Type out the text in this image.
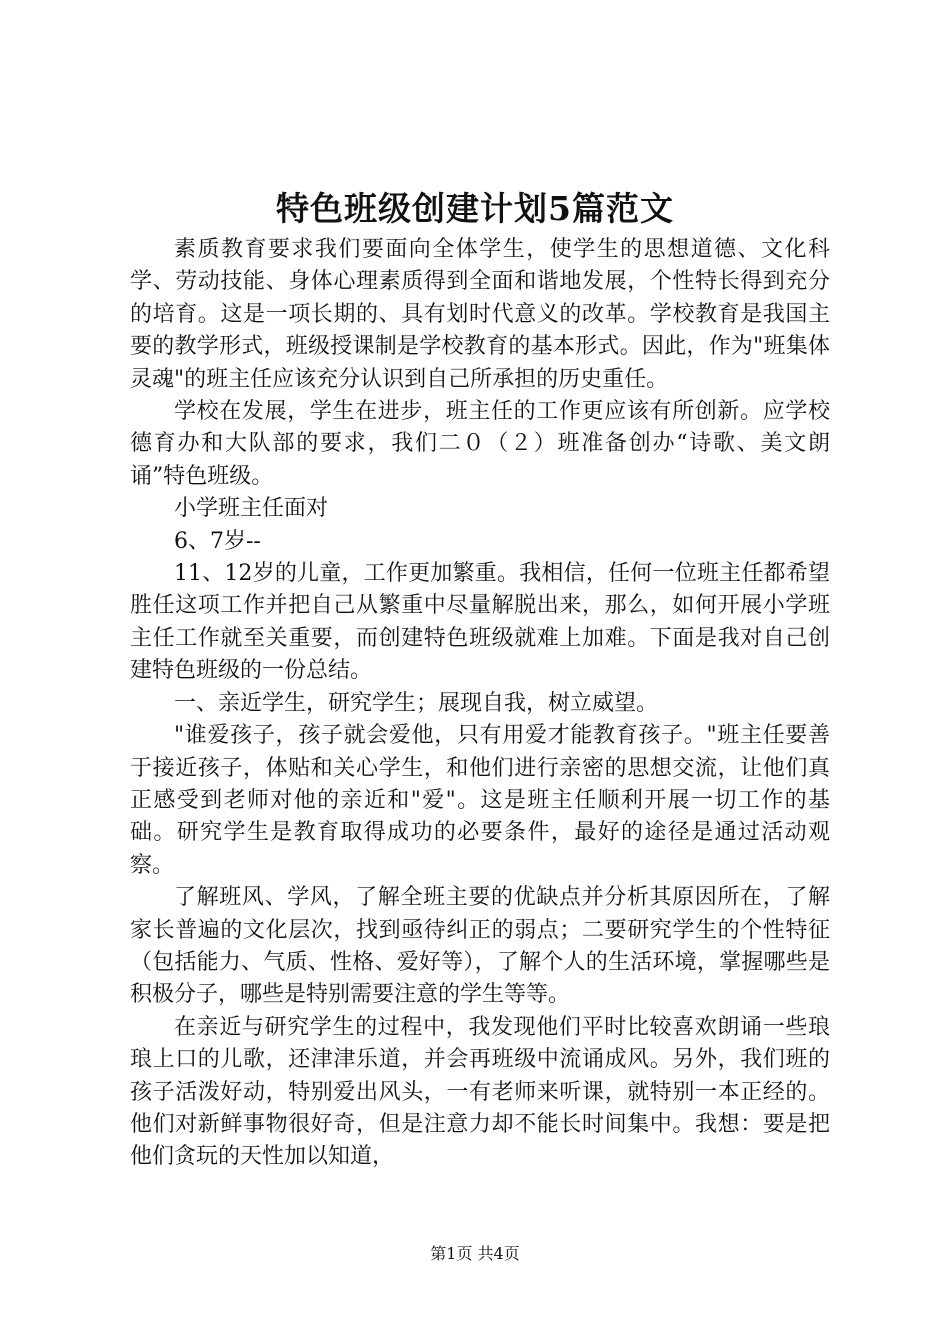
特色班级创建计划5篇范文

素质教育要求我们要面向全体学生，使学生的思想道德、文化科学、劳动技能、身体心理素质得到全面和谐地发展，个性特长得到充分的培育。这是一项长期的、具有划时代意义的改革。学校教育是我国主要的教学形式，班级授课制是学校教育的基本形式。因此，作为"班集体灵魂"的班主任应该充分认识到自己所承担的历史重任。

学校在发展，学生在进步，班主任的工作更应该有所创新。应学校德育办和大队部的要求，我们二０（２）班准备创办“诗歌、美文朗诵”特色班级。

小学班主任面对

6、7岁--

11、12岁的儿童，工作更加繁重。我相信，任何一位班主任都希望胜任这项工作并把自己从繁重中尽量解脱出来，那么，如何开展小学班主任工作就至关重要，而创建特色班级就难上加难。下面是我对自己创建特色班级的一份总结。

一、亲近学生，研究学生；展现自我，树立威望。

"谁爱孩子，孩子就会爱他，只有用爱才能教育孩子。"班主任要善于接近孩子，体贴和关心学生，和他们进行亲密的思想交流，让他们真正感受到老师对他的亲近和"爱"。这是班主任顺利开展一切工作的基础。研究学生是教育取得成功的必要条件，最好的途径是通过活动观察。

了解班风、学风，了解全班主要的优缺点并分析其原因所在，了解家长普遍的文化层次，找到亟待纠正的弱点；二要研究学生的个性特征（包括能力、气质、性格、爱好等），了解个人的生活环境，掌握哪些是积极分子，哪些是特别需要注意的学生等等。

在亲近与研究学生的过程中，我发现他们平时比较喜欢朗诵一些琅琅上口的儿歌，还津津乐道，并会再班级中流诵成风。另外，我们班的孩子活泼好动，特别爱出风头，一有老师来听课，就特别一本正经的。他们对新鲜事物很好奇，但是注意力却不能长时间集中。我想：要是把他们贪玩的天性加以知道，

第1页 共4页
